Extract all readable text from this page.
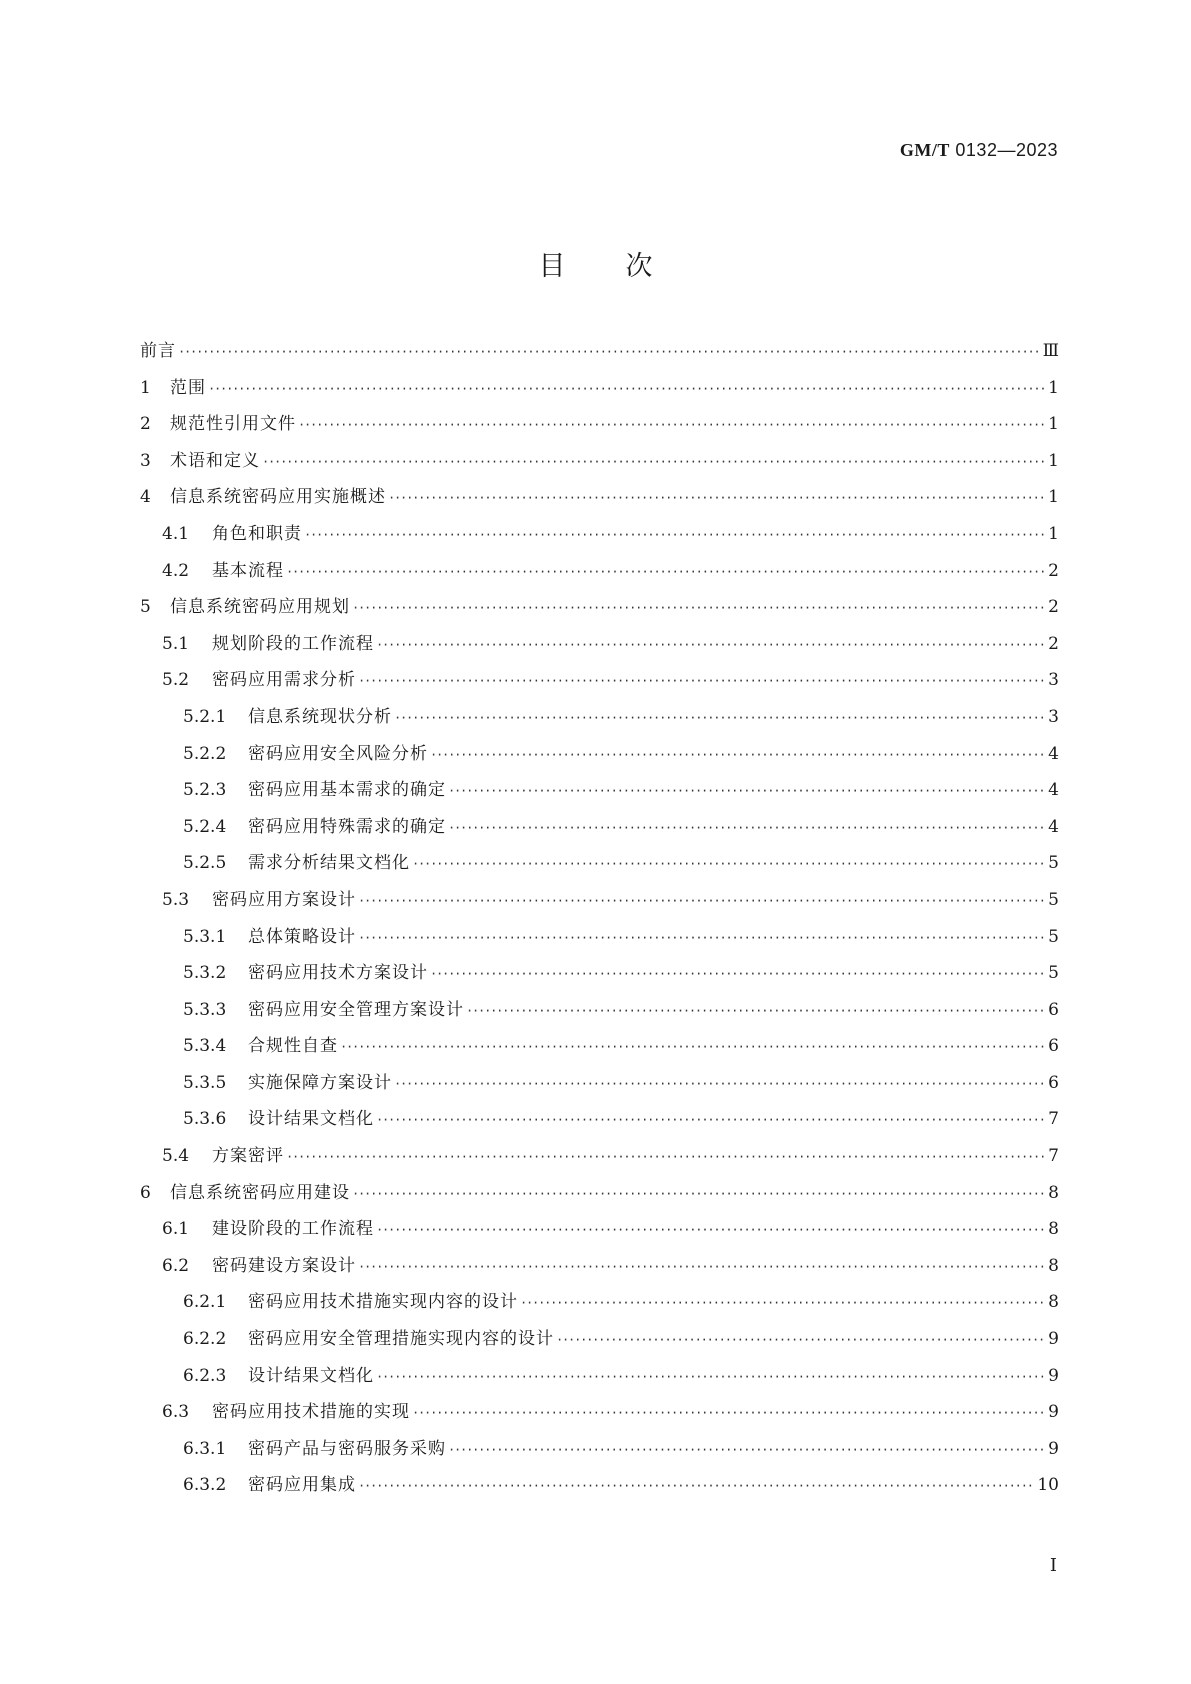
GM/T 0132—2023
目次
前言 ·····	Ⅲ
1	范围 ·····	1
2	规范性引用文件 ·····	1
3	术语和定义 ·····	1
4	信息系统密码应用实施概述 ·····	1
4.1	角色和职责 ·····	1
4.2	基本流程 ·····	2
5	信息系统密码应用规划 ·····	2
5.1	规划阶段的工作流程 ·····	2
5.2	密码应用需求分析 ·····	3
5.2.1	信息系统现状分析 ·····	3
5.2.2	密码应用安全风险分析 ·····	4
5.2.3	密码应用基本需求的确定 ·····	4
5.2.4	密码应用特殊需求的确定 ·····	4
5.2.5	需求分析结果文档化 ·····	5
5.3	密码应用方案设计 ·····	5
5.3.1	总体策略设计 ·····	5
5.3.2	密码应用技术方案设计 ·····	5
5.3.3	密码应用安全管理方案设计 ·····	6
5.3.4	合规性自查 ·····	6
5.3.5	实施保障方案设计 ·····	6
5.3.6	设计结果文档化 ·····	7
5.4	方案密评 ·····	7
6	信息系统密码应用建设 ·····	8
6.1	建设阶段的工作流程 ·····	8
6.2	密码建设方案设计 ·····	8
6.2.1	密码应用技术措施实现内容的设计 ·····	8
6.2.2	密码应用安全管理措施实现内容的设计 ·····	9
6.2.3	设计结果文档化 ·····	9
6.3	密码应用技术措施的实现 ·····	9
6.3.1	密码产品与密码服务采购 ·····	9
6.3.2	密码应用集成 ·····	10
I
